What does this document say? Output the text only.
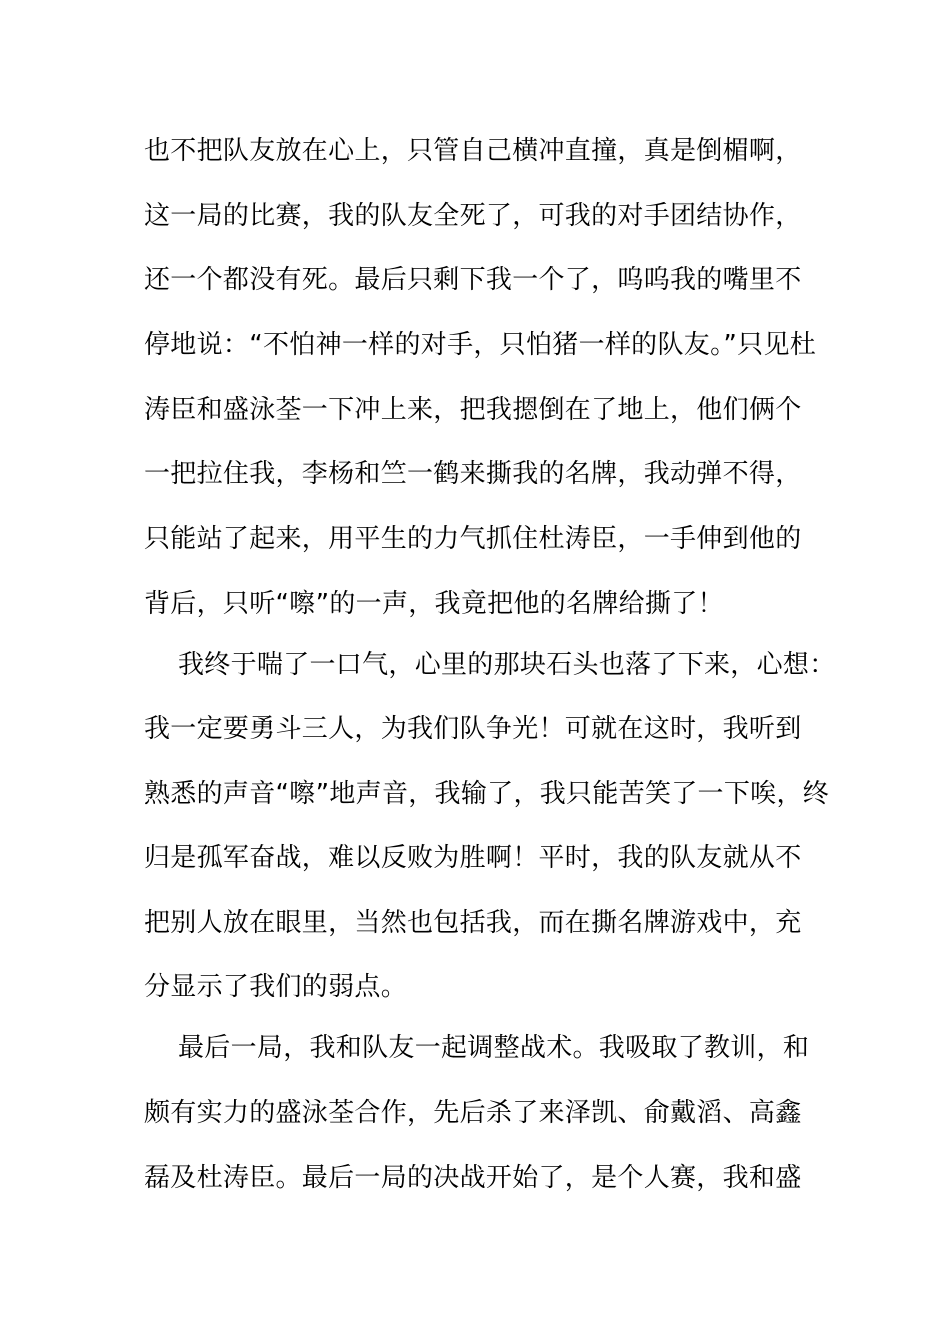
也不把队友放在心上，只管自己横冲直撞，真是倒楣啊，
这一局的比赛，我的队友全死了，可我的对手团结协作，
还一个都没有死。最后只剩下我一个了，呜呜我的嘴里不
停地说：“不怕神一样的对手，只怕猪一样的队友。”只见杜
涛臣和盛泳荃一下冲上来，把我摁倒在了地上，他们俩个
一把拉住我，李杨和竺一鹤来撕我的名牌，我动弹不得，
只能站了起来，用平生的力气抓住杜涛臣，一手伸到他的
背后，只听“嚓”的一声，我竟把他的名牌给撕了！
我终于喘了一口气，心里的那块石头也落了下来，心想：
我一定要勇斗三人，为我们队争光！可就在这时，我听到
熟悉的声音“嚓”地声音，我输了，我只能苦笑了一下唉，终
归是孤军奋战，难以反败为胜啊！平时，我的队友就从不
把别人放在眼里，当然也包括我，而在撕名牌游戏中，充
分显示了我们的弱点。
最后一局，我和队友一起调整战术。我吸取了教训，和
颇有实力的盛泳荃合作，先后杀了来泽凯、俞戴滔、高鑫
磊及杜涛臣。最后一局的决战开始了，是个人赛，我和盛
